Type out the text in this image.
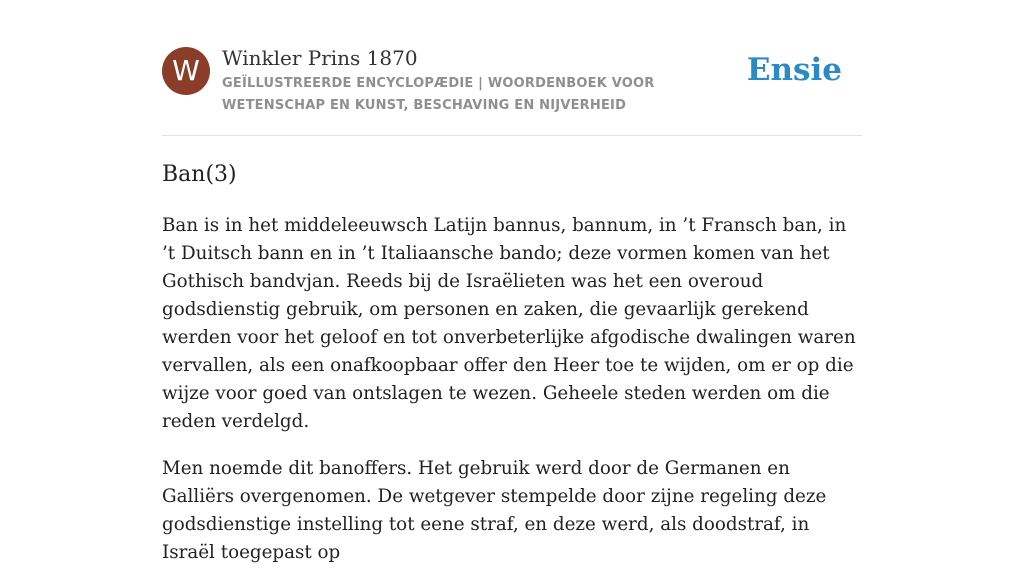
W	Winkler Prins 1870
GEÏLLUSTREERDE ENCYCLOPÆDIE | WOORDENBOEK VOOR WETENSCHAP EN KUNST, BESCHAVING EN NIJVERHEID
Ensie
Ban(3)

Ban is in het middeleeuwsch Latijn bannus, bannum, in ’t Fransch ban, in ’t Duitsch bann en in ’t Italiaansche bando; deze vormen komen van het Gothisch bandvjan. Reeds bij de Israëlieten was het een overoud godsdienstig gebruik, om personen en zaken, die gevaarlijk gerekend werden voor het geloof en tot onverbeterlijke afgodische dwalingen waren vervallen, als een onafkoopbaar offer den Heer toe te wijden, om er op die wijze voor goed van ontslagen te wezen. Geheele steden werden om die reden verdelgd.

Men noemde dit banoffers. Het gebruik werd door de Germanen en Galliërs overgenomen. De wetgever stempelde door zijne regeling deze godsdienstige instelling tot eene straf, en deze werd, als doodstraf, in Israël toegepast op
